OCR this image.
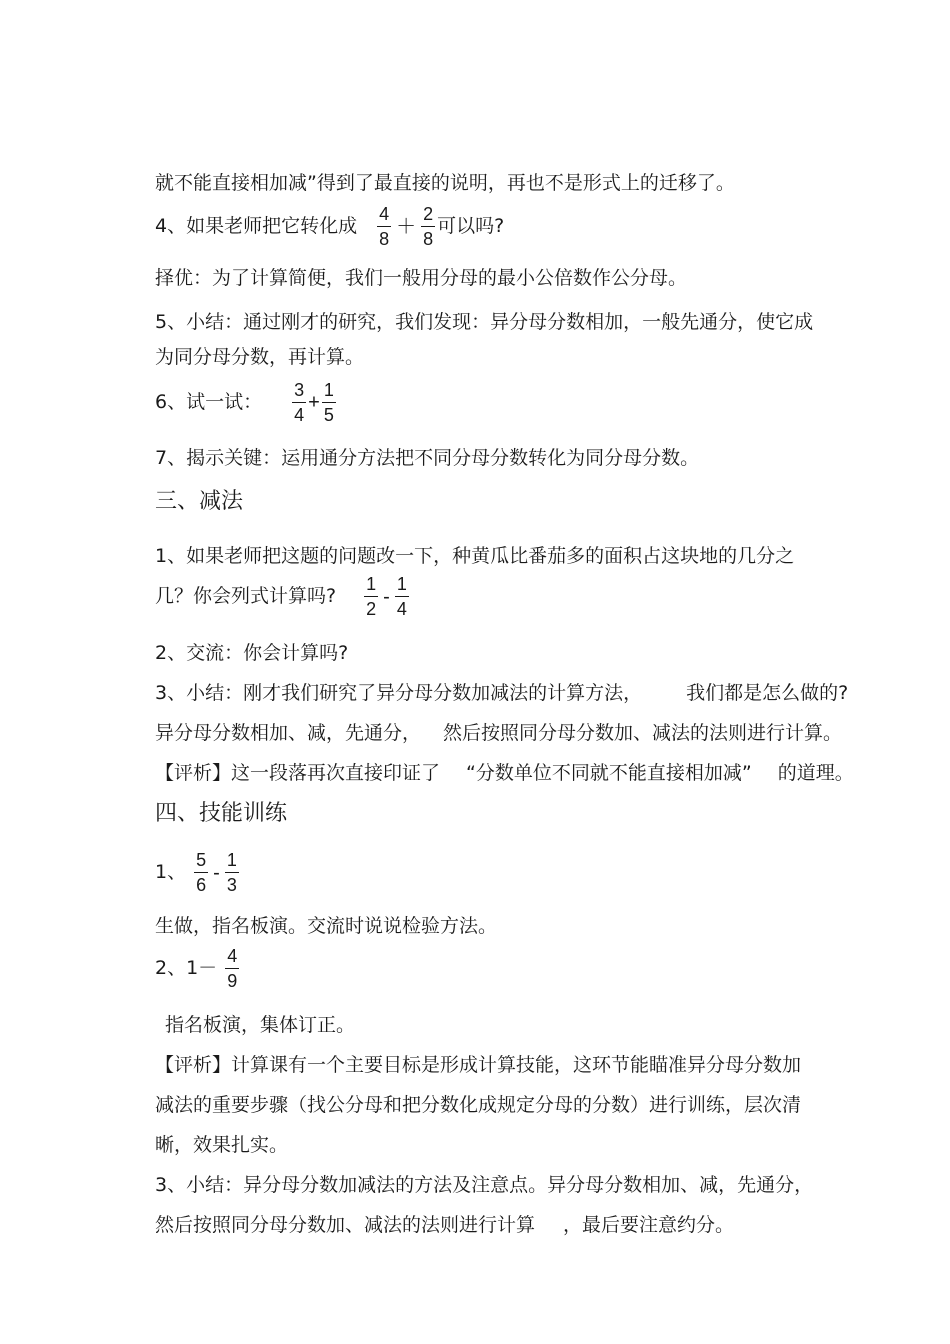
就不能直接相加减”得到了最直接的说明，再也不是形式上的迁移了。
4、如果老师把它转化成 $\frac{4}{8} + \frac{2}{8}$ 可以吗?
择优：为了计算简便，我们一般用分母的最小公倍数作公分母。
5、小结：通过刚才的研究，我们发现：异分母分数相加，一般先通分，使它成
为同分母分数，再计算。
6、试一试： $\frac{3}{4} + \frac{1}{5}$
7、揭示关键：运用通分方法把不同分母分数转化为同分母分数。
三、减法
1、如果老师把这题的问题改一下，种黄瓜比番茄多的面积占这块地的几分之
几？你会列式计算吗? $\frac{1}{2} - \frac{1}{4}$
2、交流：你会计算吗?
3、小结：刚才我们研究了异分母分数加减法的计算方法， 我们都是怎么做的?
异分母分数相加、减，先通分， 然后按照同分母分数加、减法的法则进行计算。
【评析】这一段落再次直接印证了 “分数单位不同就不能直接相加减” 的道理。
四、技能训练
1、 $\frac{5}{6} - \frac{1}{3}$
生做，指名板演。交流时说说检验方法。
2、$1- \frac{4}{9}$
指名板演，集体订正。
【评析】计算课有一个主要目标是形成计算技能，这环节能瞄准异分母分数加
减法的重要步骤（找公分母和把分数化成规定分母的分数）进行训练，层次清
晰，效果扎实。
3、小结：异分母分数加减法的方法及注意点。异分母分数相加、减，先通分，
然后按照同分母分数加、减法的法则进行计算 ，最后要注意约分。
